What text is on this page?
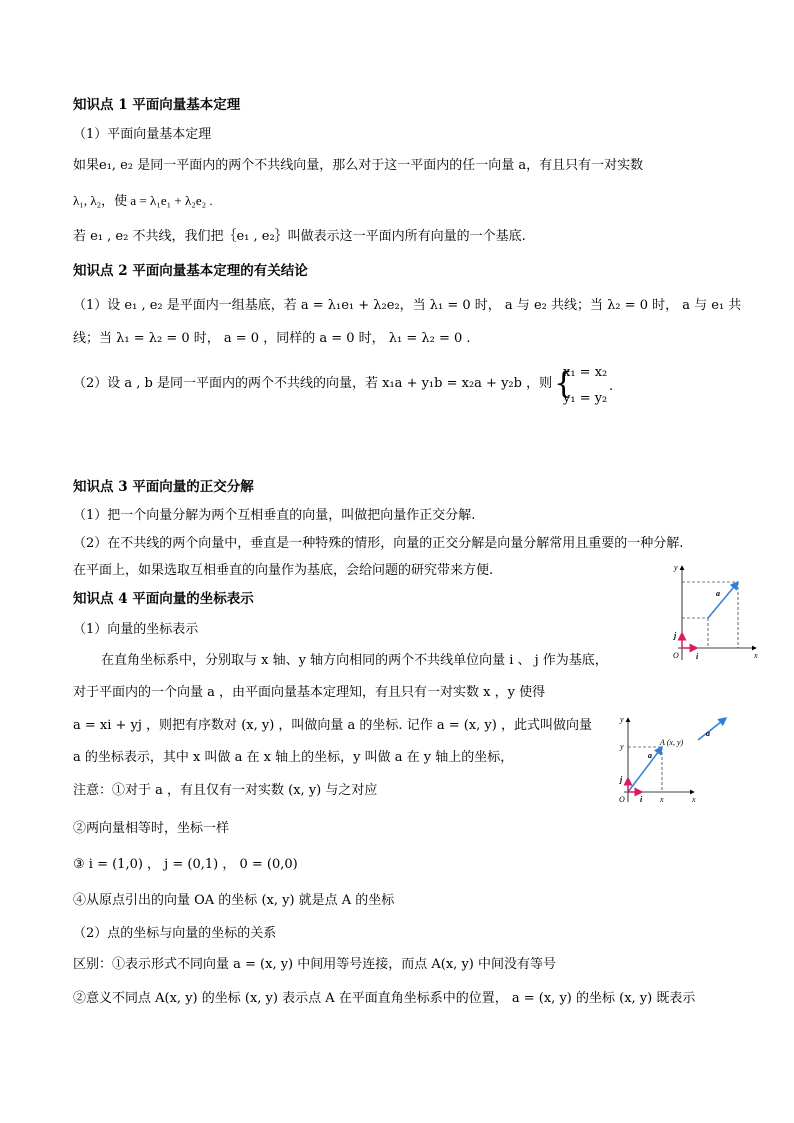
知识点 1 平面向量基本定理
（1）平面向量基本定理
如果e₁, e₂ 是同一平面内的两个不共线向量，那么对于这一平面内的任一向量 a，有且只有一对实数
λ₁, λ₂，使 a = λ₁e₁ + λ₂e₂ .
若 e₁ , e₂ 不共线，我们把｛e₁ , e₂｝叫做表示这一平面内所有向量的一个基底.
知识点 2 平面向量基本定理的有关结论
（1）设 e₁ , e₂ 是平面内一组基底，若 a = λ₁e₁ + λ₂e₂，当 λ₁ = 0 时， a 与 e₂ 共线；当 λ₂ = 0 时， a 与 e₁ 共
线；当 λ₁ = λ₂ = 0 时， a = 0 ，同样的 a = 0 时， λ₁ = λ₂ = 0 .
（2）设 a , b 是同一平面内的两个不共线的向量，若 x₁a + y₁b = x₂a + y₂b ，则 {
x₁ = x₂
y₁ = y₂
.
知识点 3 平面向量的正交分解
（1）把一个向量分解为两个互相垂直的向量，叫做把向量作正交分解.
（2）在不共线的两个向量中，垂直是一种特殊的情形，向量的正交分解是向量分解常用且重要的一种分解.
在平面上，如果选取互相垂直的向量作为基底，会给问题的研究带来方便.
知识点 4 平面向量的坐标表示
（1）向量的坐标表示
在直角坐标系中，分别取与 x 轴、y 轴方向相同的两个不共线单位向量 i 、 j 作为基底，
对于平面内的一个向量 a ，由平面向量基本定理知，有且只有一对实数 x ，y 使得
a = xi + yj ，则把有序数对 (x, y) ，叫做向量 a 的坐标. 记作 a = (x, y) ，此式叫做向量
a 的坐标表示，其中 x 叫做 a 在 x 轴上的坐标，y 叫做 a 在 y 轴上的坐标，
注意：①对于 a ，有且仅有一对实数 (x, y) 与之对应
②两向量相等时，坐标一样
③ i = (1,0) ， j = (0,1) ， 0 = (0,0)
④从原点引出的向量 OA 的坐标 (x, y) 就是点 A 的坐标
（2）点的坐标与向量的坐标的关系
区别：①表示形式不同向量 a = (x, y) 中间用等号连接，而点 A(x, y) 中间没有等号
②意义不同点 A(x, y) 的坐标 (x, y) 表示点 A 在平面直角坐标系中的位置， a = (x, y) 的坐标 (x, y) 既表示
y
x
O i
j
a
y
x
O i
j
a
a
A (x, y)
y
x
